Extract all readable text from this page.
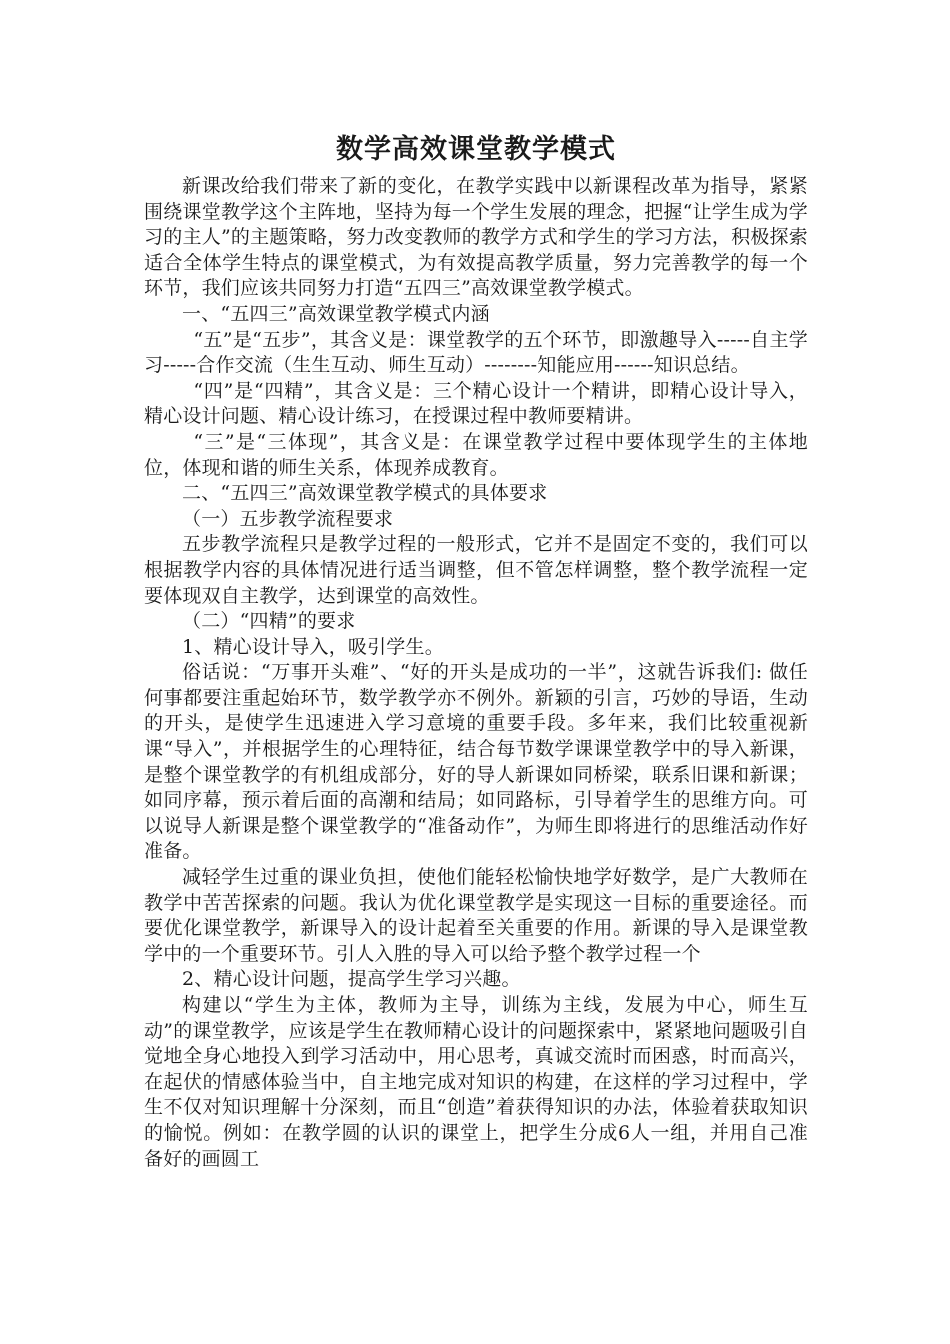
数学高效课堂教学模式

新课改给我们带来了新的变化，在教学实践中以新课程改革为指导，紧紧围绕课堂教学这个主阵地，坚持为每一个学生发展的理念，把握“让学生成为学习的主人”的主题策略，努力改变教师的教学方式和学生的学习方法，积极探索适合全体学生特点的课堂模式，为有效提高教学质量，努力完善教学的每一个环节，我们应该共同努力打造“五四三”高效课堂教学模式。

一、“五四三”高效课堂教学模式内涵

“五”是“五步”，其含义是：课堂教学的五个环节，即激趣导入-----自主学习-----合作交流（生生互动、师生互动）--------知能应用------知识总结。

“四”是“四精”，其含义是：三个精心设计一个精讲，即精心设计导入，精心设计问题、精心设计练习，在授课过程中教师要精讲。

“三”是“三体现”，其含义是：在课堂教学过程中要体现学生的主体地位，体现和谐的师生关系，体现养成教育。

二、“五四三”高效课堂教学模式的具体要求

（一）五步教学流程要求

五步教学流程只是教学过程的一般形式，它并不是固定不变的，我们可以根据教学内容的具体情况进行适当调整，但不管怎样调整，整个教学流程一定要体现双自主教学，达到课堂的高效性。

（二）“四精”的要求

1、精心设计导入，吸引学生。

俗话说：“万事开头难”、“好的开头是成功的一半”，这就告诉我们: 做任何事都要注重起始环节，数学教学亦不例外。新颖的引言，巧妙的导语，生动的开头，是使学生迅速进入学习意境的重要手段。多年来，我们比较重视新课“导入”，并根据学生的心理特征，结合每节数学课课堂教学中的导入新课，是整个课堂教学的有机组成部分，好的导人新课如同桥梁，联系旧课和新课；如同序幕，预示着后面的高潮和结局；如同路标，引导着学生的思维方向。可以说导人新课是整个课堂教学的“准备动作”，为师生即将进行的思维活动作好准备。

减轻学生过重的课业负担，使他们能轻松愉快地学好数学，是广大教师在教学中苦苦探索的问题。我认为优化课堂教学是实现这一目标的重要途径。而要优化课堂教学，新课导入的设计起着至关重要的作用。新课的导入是课堂教学中的一个重要环节。引人入胜的导入可以给予整个教学过程一个

2、精心设计问题，提高学生学习兴趣。

构建以“学生为主体，教师为主导，训练为主线，发展为中心，师生互动”的课堂教学，应该是学生在教师精心设计的问题探索中，紧紧地问题吸引自觉地全身心地投入到学习活动中，用心思考，真诚交流时而困惑，时而高兴，在起伏的情感体验当中，自主地完成对知识的构建，在这样的学习过程中，学生不仅对知识理解十分深刻，而且“创造”着获得知识的办法，体验着获取知识的愉悦。例如：在教学圆的认识的课堂上，把学生分成6人一组，并用自己准备好的画圆工
